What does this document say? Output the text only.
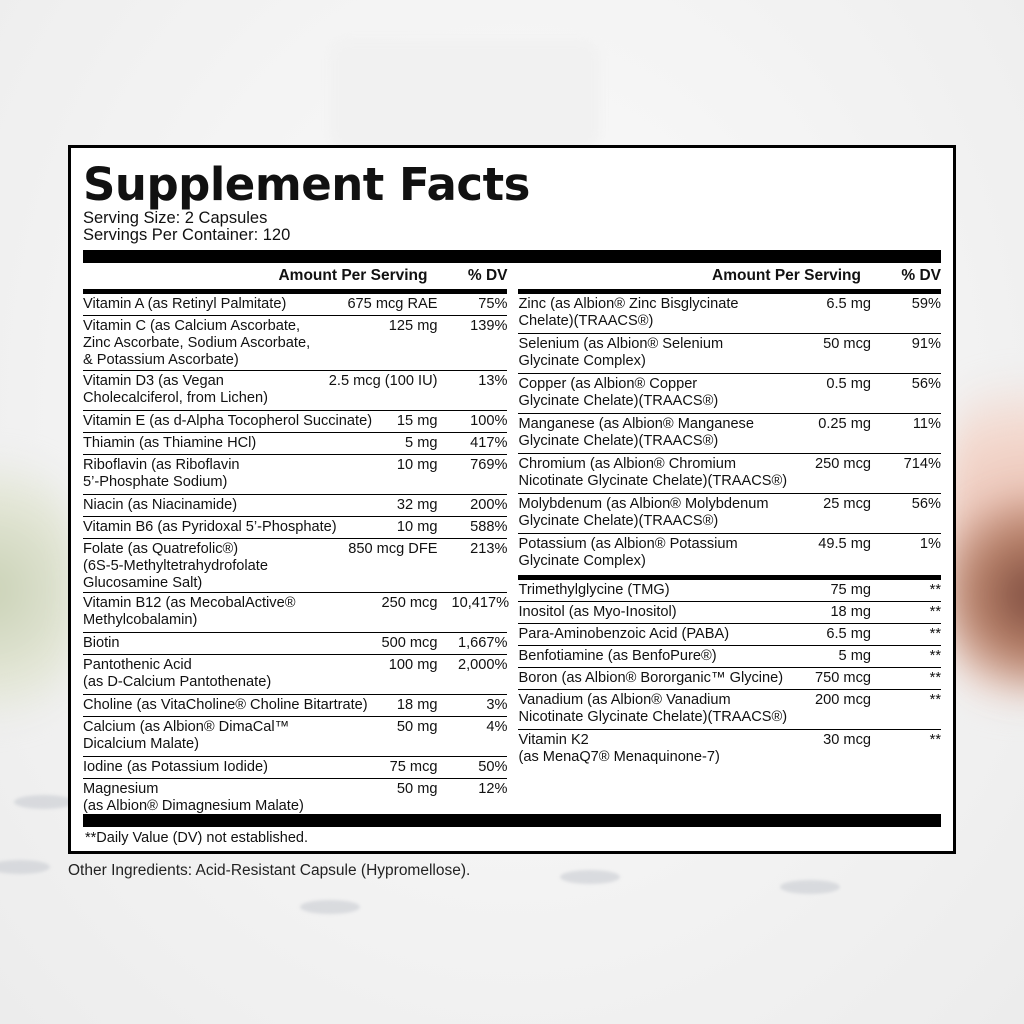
Supplement Facts
Serving Size: 2 Capsules
Servings Per Container: 120
Amount Per Serving	% DV
Vitamin A (as Retinyl Palmitate)	675 mcg RAE	75%
Vitamin C (as Calcium Ascorbate,
Zinc Ascorbate, Sodium Ascorbate,
& Potassium Ascorbate)
125 mg	139%
Vitamin D3 (as Vegan
Cholecalciferol, from Lichen)
2.5 mcg (100 IU)	13%
Vitamin E (as d-Alpha Tocopherol Succinate)	15 mg	100%
Thiamin (as Thiamine HCl)	5 mg	417%
Riboflavin (as Riboflavin
5’-Phosphate Sodium)
10 mg	769%
Niacin (as Niacinamide)	32 mg	200%
Vitamin B6 (as Pyridoxal 5’-Phosphate)	10 mg	588%
Folate (as Quatrefolic®)
(6S-5-Methyltetrahydrofolate Glucosamine Salt)
850 mcg DFE	213%
Vitamin B12 (as MecobalActive®
Methylcobalamin)
250 mcg 10,417%
Biotin	500 mcg	1,667%
Pantothenic Acid
(as D-Calcium Pantothenate)
100 mg	2,000%
Choline (as VitaCholine® Choline Bitartrate)	18 mg	3%
Calcium (as Albion® DimaCal™
Dicalcium Malate)
50 mg	4%
Iodine (as Potassium Iodide)	75 mcg	50%
Magnesium
(as Albion® Dimagnesium Malate)
50 mg	12%
Amount Per Serving	% DV
Zinc (as Albion® Zinc Bisglycinate
Chelate)(TRAACS®)
6.5 mg	59%
Selenium (as Albion® Selenium
Glycinate Complex)
50 mcg	91%
Copper (as Albion® Copper
Glycinate Chelate)(TRAACS®)
0.5 mg	56%
Manganese (as Albion® Manganese
Glycinate Chelate)(TRAACS®)
0.25 mg	11%
Chromium (as Albion® Chromium
Nicotinate Glycinate Chelate)(TRAACS®)
250 mcg	714%
Molybdenum (as Albion® Molybdenum
Glycinate Chelate)(TRAACS®)
25 mcg	56%
Potassium (as Albion® Potassium
Glycinate Complex)
49.5 mg	1%
Trimethylglycine (TMG)	75 mg	**
Inositol (as Myo-Inositol)	18 mg	**
Para-Aminobenzoic Acid (PABA)	6.5 mg	**
Benfotiamine (as BenfoPure®)	5 mg	**
Boron (as Albion® Bororganic™ Glycine)	750 mcg	**
Vanadium (as Albion® Vanadium
Nicotinate Glycinate Chelate)(TRAACS®)
200 mcg	**
Vitamin K2
(as MenaQ7® Menaquinone-7)
30 mcg	**
**Daily Value (DV) not established.
Other Ingredients: Acid-Resistant Capsule (Hypromellose).
